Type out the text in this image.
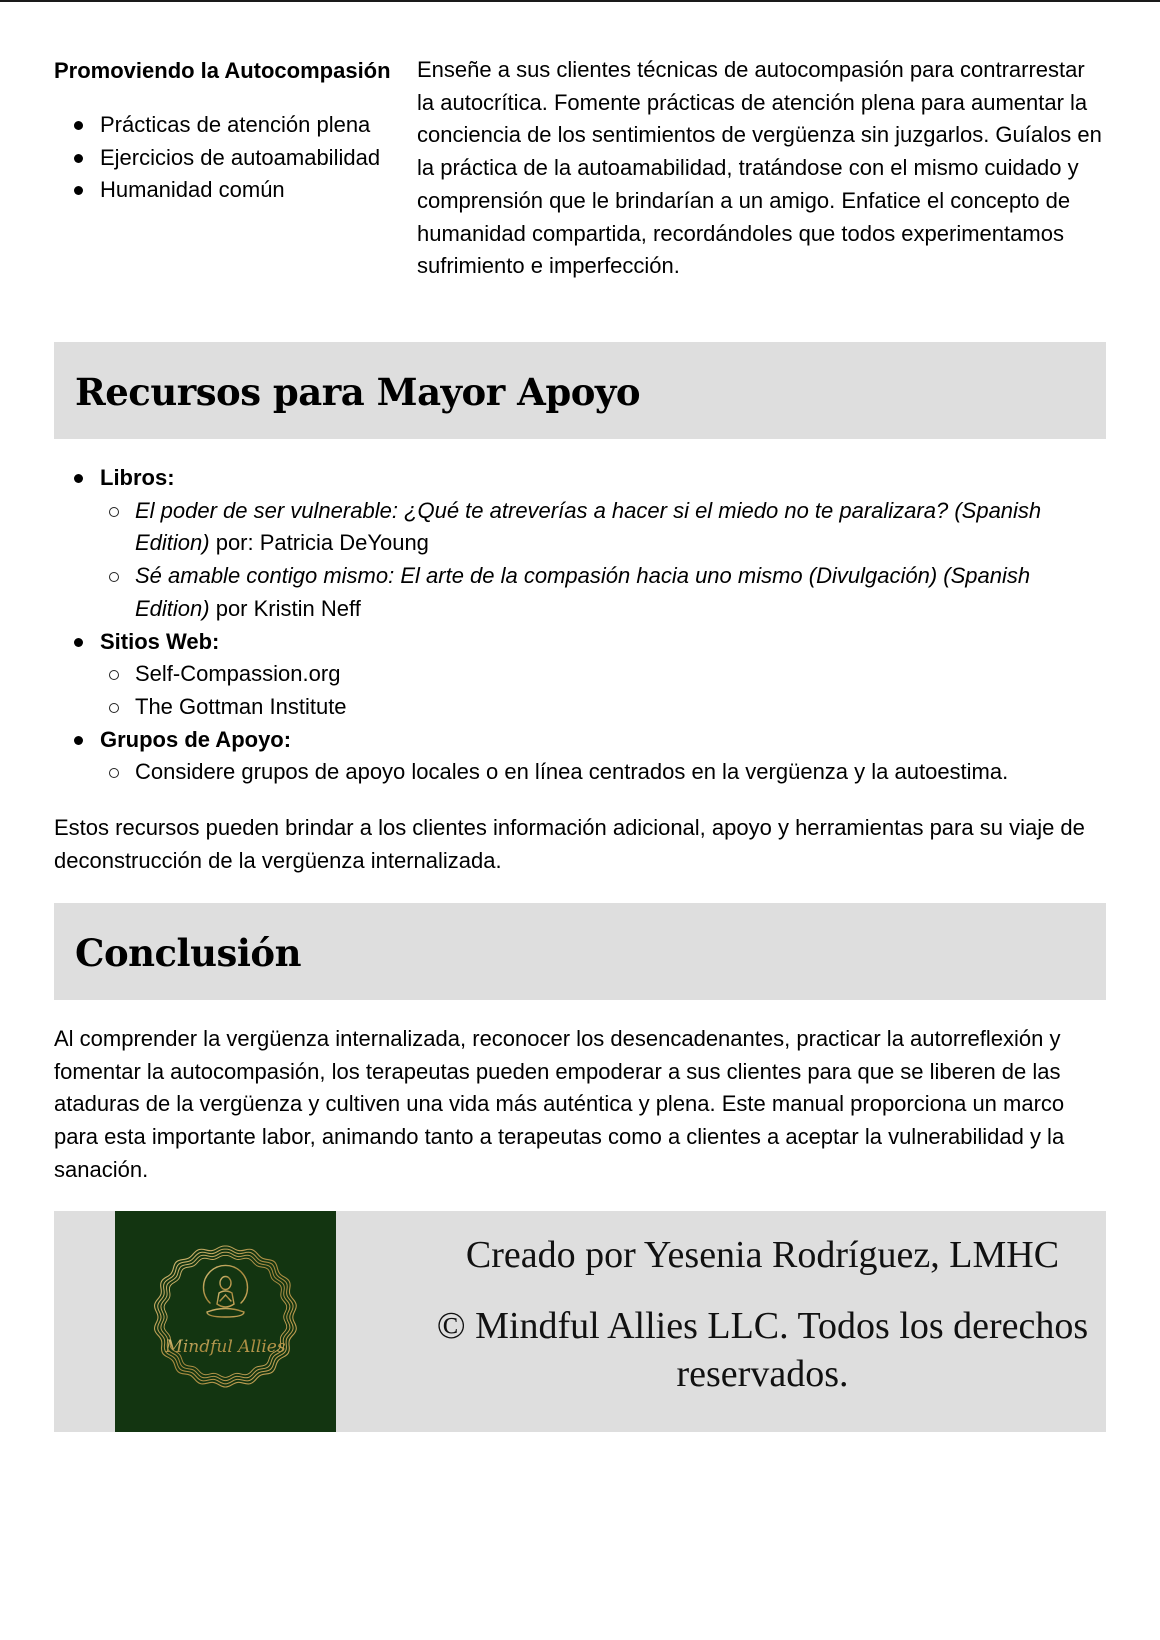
Promoviendo la Autocompasión
Prácticas de atención plena
Ejercicios de autoamabilidad
Humanidad común

Enseñe a sus clientes técnicas de autocompasión para contrarrestar la autocrítica. Fomente prácticas de atención plena para aumentar la conciencia de los sentimientos de vergüenza sin juzgarlos. Guíalos en la práctica de la autoamabilidad, tratándose con el mismo cuidado y comprensión que le brindarían a un amigo. Enfatice el concepto de humanidad compartida, recordándoles que todos experimentamos sufrimiento e imperfección.

Recursos para Mayor Apoyo
Libros:
El poder de ser vulnerable: ¿Qué te atreverías a hacer si el miedo no te paralizara? (Spanish Edition) por: Patricia DeYoung
Sé amable contigo mismo: El arte de la compasión hacia uno mismo (Divulgación) (Spanish Edition) por Kristin Neff
Sitios Web:
Self-Compassion.org
The Gottman Institute
Grupos de Apoyo:
Considere grupos de apoyo locales o en línea centrados en la vergüenza y la autoestima.

Estos recursos pueden brindar a los clientes información adicional, apoyo y herramientas para su viaje de deconstrucción de la vergüenza internalizada.

Conclusión

Al comprender la vergüenza internalizada, reconocer los desencadenantes, practicar la autorreflexión y fomentar la autocompasión, los terapeutas pueden empoderar a sus clientes para que se liberen de las ataduras de la vergüenza y cultiven una vida más auténtica y plena. Este manual proporciona un marco para esta importante labor, animando tanto a terapeutas como a clientes a aceptar la vulnerabilidad y la sanación.

Mindful Allies
Creado por Yesenia Rodríguez, LMHC
© Mindful Allies LLC. Todos los derechos reservados.
